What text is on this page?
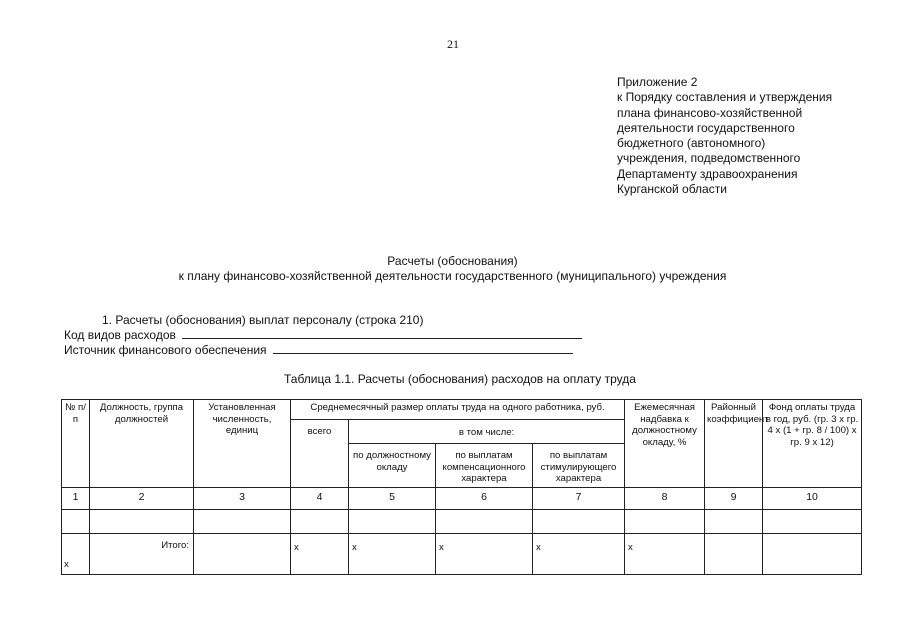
21
Приложение 2
к Порядку составления и утверждения
плана финансово-хозяйственной
деятельности государственного
бюджетного (автономного)
учреждения, подведомственного
Департаменту здравоохранения
Курганской области
Расчеты (обоснования)
к плану финансово-хозяйственной деятельности государственного (муниципального) учреждения
1. Расчеты (обоснования) выплат персоналу (строка 210)
Код видов расходов
Источник финансового обеспечения
Таблица 1.1. Расчеты (обоснования) расходов на оплату труда
№ п/п	Должность, группа должностей	Установленная численность, единиц	Среднемесячный размер оплаты труда на одного работника, руб.				Ежемесячная надбавка к должностному окладу, %	Районный коэффициент	Фонд оплаты труда в год, руб. (гр. 3 х гр. 4 х (1 + гр. 8 / 100) х гр. 9 х 12)
			всего	в том числе:					
				по должностному окладу	по выплатам компенсационного характера	по выплатам стимулирующего характера			
1	2	3	4	5	6	7	8	9	10

x	Итого:		x	x	x	x	x		
